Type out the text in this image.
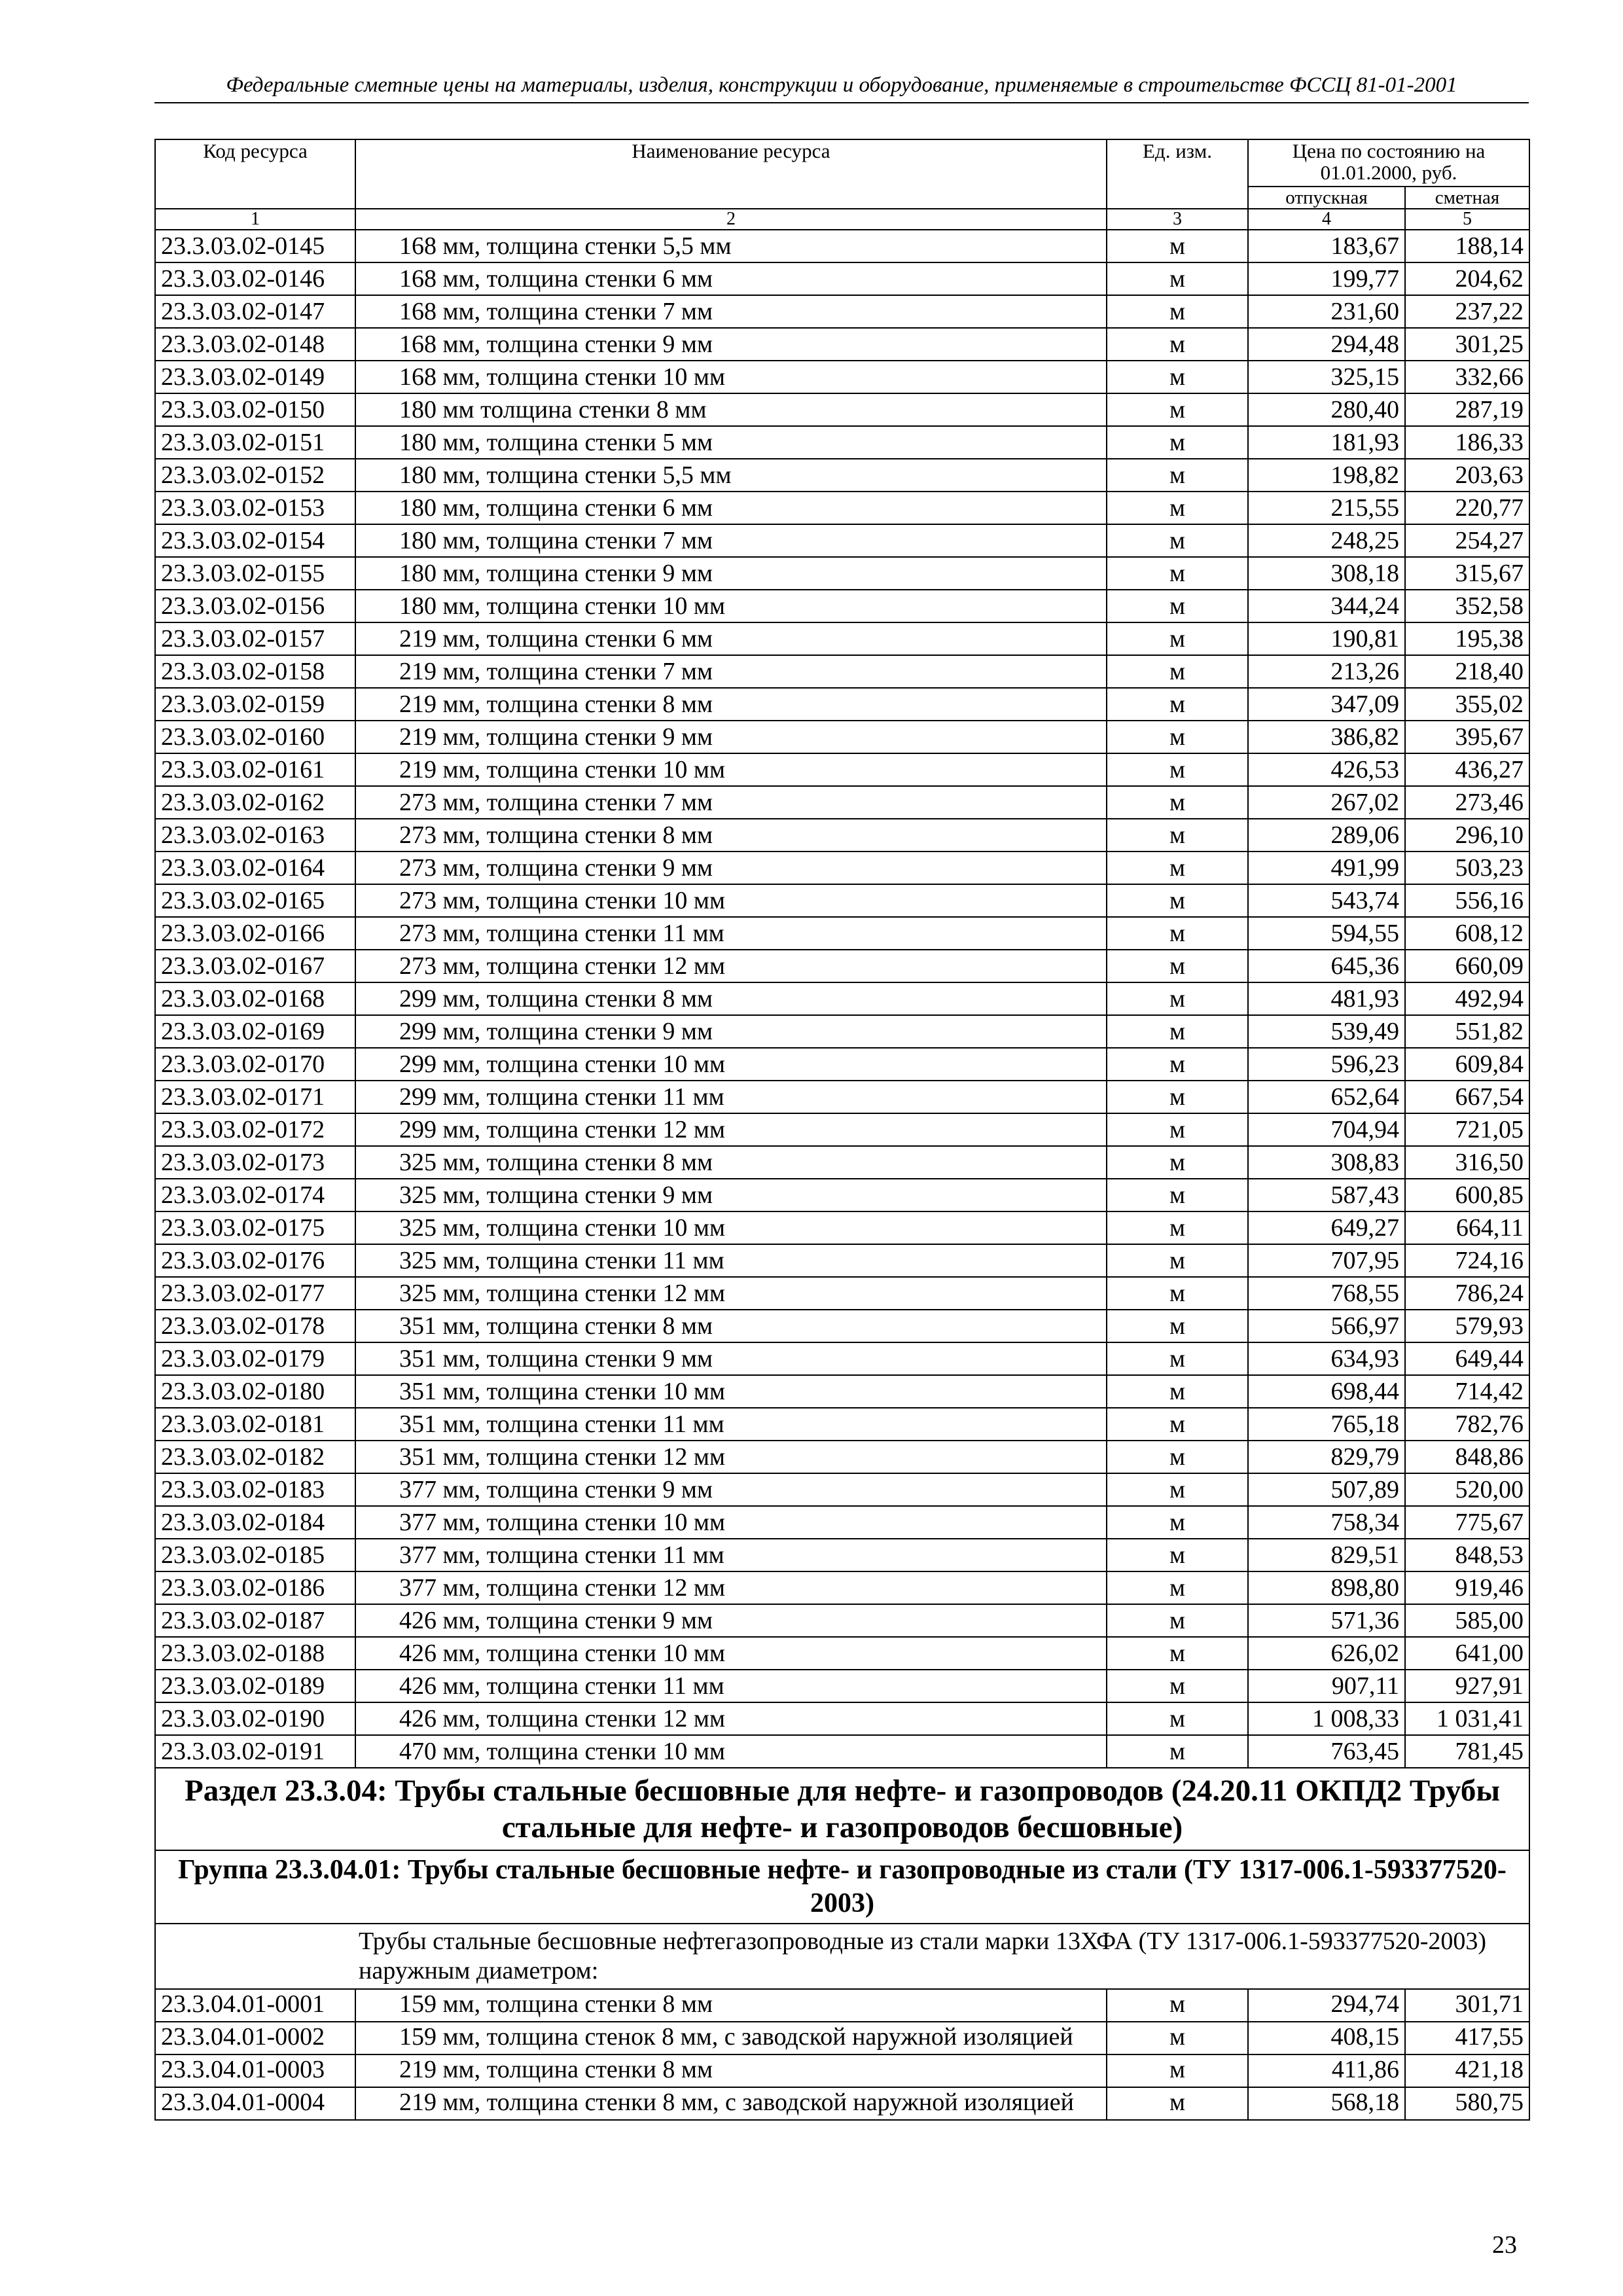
Федеральные сметные цены на материалы, изделия, конструкции и оборудование, применяемые в строительстве ФССЦ 81-01-2001
Код ресурса	Наименование ресурса	Ед. изм.	Цена по состоянию на 01.01.2000, руб.	
			отпускная	сметная
1	2	3	4	5
23.3.03.02-0145	168 мм, толщина стенки 5,5 мм	м	183,67	188,14
23.3.03.02-0146	168 мм, толщина стенки 6 мм	м	199,77	204,62
23.3.03.02-0147	168 мм, толщина стенки 7 мм	м	231,60	237,22
23.3.03.02-0148	168 мм, толщина стенки 9 мм	м	294,48	301,25
23.3.03.02-0149	168 мм, толщина стенки 10 мм	м	325,15	332,66
23.3.03.02-0150	180 мм толщина стенки 8 мм	м	280,40	287,19
23.3.03.02-0151	180 мм, толщина стенки 5 мм	м	181,93	186,33
23.3.03.02-0152	180 мм, толщина стенки 5,5 мм	м	198,82	203,63
23.3.03.02-0153	180 мм, толщина стенки 6 мм	м	215,55	220,77
23.3.03.02-0154	180 мм, толщина стенки 7 мм	м	248,25	254,27
23.3.03.02-0155	180 мм, толщина стенки 9 мм	м	308,18	315,67
23.3.03.02-0156	180 мм, толщина стенки 10 мм	м	344,24	352,58
23.3.03.02-0157	219 мм, толщина стенки 6 мм	м	190,81	195,38
23.3.03.02-0158	219 мм, толщина стенки 7 мм	м	213,26	218,40
23.3.03.02-0159	219 мм, толщина стенки 8 мм	м	347,09	355,02
23.3.03.02-0160	219 мм, толщина стенки 9 мм	м	386,82	395,67
23.3.03.02-0161	219 мм, толщина стенки 10 мм	м	426,53	436,27
23.3.03.02-0162	273 мм, толщина стенки 7 мм	м	267,02	273,46
23.3.03.02-0163	273 мм, толщина стенки 8 мм	м	289,06	296,10
23.3.03.02-0164	273 мм, толщина стенки 9 мм	м	491,99	503,23
23.3.03.02-0165	273 мм, толщина стенки 10 мм	м	543,74	556,16
23.3.03.02-0166	273 мм, толщина стенки 11 мм	м	594,55	608,12
23.3.03.02-0167	273 мм, толщина стенки 12 мм	м	645,36	660,09
23.3.03.02-0168	299 мм, толщина стенки 8 мм	м	481,93	492,94
23.3.03.02-0169	299 мм, толщина стенки 9 мм	м	539,49	551,82
23.3.03.02-0170	299 мм, толщина стенки 10 мм	м	596,23	609,84
23.3.03.02-0171	299 мм, толщина стенки 11 мм	м	652,64	667,54
23.3.03.02-0172	299 мм, толщина стенки 12 мм	м	704,94	721,05
23.3.03.02-0173	325 мм, толщина стенки 8 мм	м	308,83	316,50
23.3.03.02-0174	325 мм, толщина стенки 9 мм	м	587,43	600,85
23.3.03.02-0175	325 мм, толщина стенки 10 мм	м	649,27	664,11
23.3.03.02-0176	325 мм, толщина стенки 11 мм	м	707,95	724,16
23.3.03.02-0177	325 мм, толщина стенки 12 мм	м	768,55	786,24
23.3.03.02-0178	351 мм, толщина стенки 8 мм	м	566,97	579,93
23.3.03.02-0179	351 мм, толщина стенки 9 мм	м	634,93	649,44
23.3.03.02-0180	351 мм, толщина стенки 10 мм	м	698,44	714,42
23.3.03.02-0181	351 мм, толщина стенки 11 мм	м	765,18	782,76
23.3.03.02-0182	351 мм, толщина стенки 12 мм	м	829,79	848,86
23.3.03.02-0183	377 мм, толщина стенки 9 мм	м	507,89	520,00
23.3.03.02-0184	377 мм, толщина стенки 10 мм	м	758,34	775,67
23.3.03.02-0185	377 мм, толщина стенки 11 мм	м	829,51	848,53
23.3.03.02-0186	377 мм, толщина стенки 12 мм	м	898,80	919,46
23.3.03.02-0187	426 мм, толщина стенки 9 мм	м	571,36	585,00
23.3.03.02-0188	426 мм, толщина стенки 10 мм	м	626,02	641,00
23.3.03.02-0189	426 мм, толщина стенки 11 мм	м	907,11	927,91
23.3.03.02-0190	426 мм, толщина стенки 12 мм	м	1 008,33	1 031,41
23.3.03.02-0191	470 мм, толщина стенки 10 мм	м	763,45	781,45
Раздел 23.3.04: Трубы стальные бесшовные для нефте- и газопроводов (24.20.11 ОКПД2 Трубы стальные для нефте- и газопроводов бесшовные)				
Группа 23.3.04.01: Трубы стальные бесшовные нефте- и газопроводные из стали (ТУ 1317-006.1-593377520-2003)				

Трубы стальные бесшовные нефтегазопроводные из стали марки 13ХФА (ТУ 1317-006.1-593377520-2003) наружным диаметром:				

23.3.04.01-0001	159 мм, толщина стенки 8 мм	м	294,74	301,71
23.3.04.01-0002	159 мм, толщина стенок 8 мм, с заводской наружной изоляцией	м	408,15	417,55
23.3.04.01-0003	219 мм, толщина стенки 8 мм	м	411,86	421,18
23.3.04.01-0004	219 мм, толщина стенки 8 мм, с заводской наружной изоляцией	м	568,18	580,75
23
